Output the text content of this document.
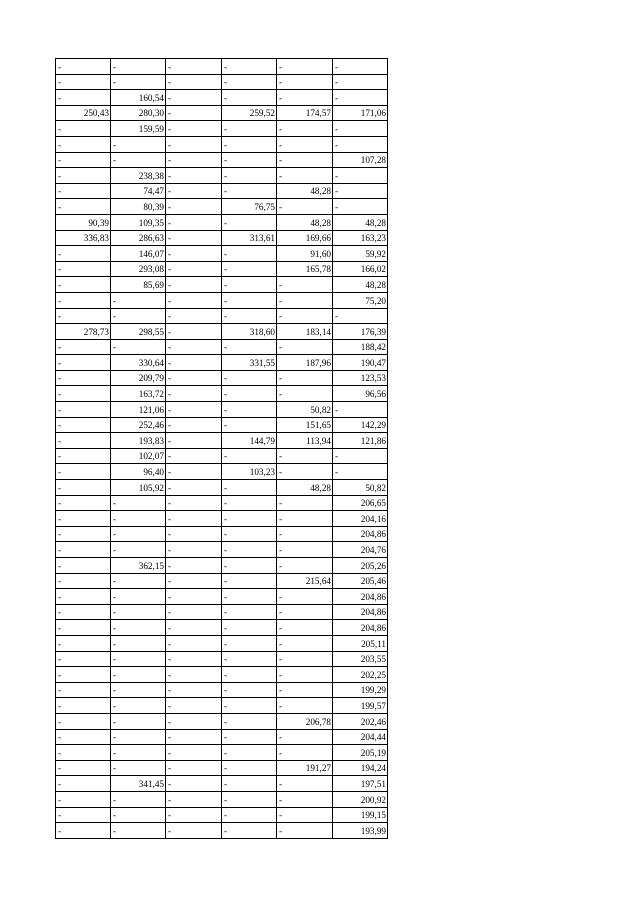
-	-	-	-	-	-
-	-	-	-	-	-
-	160,54	-	-	-	-
250,43	280,30	-	259,52	174,57	171,06
-	159,59	-	-	-	-
-	-	-	-	-	-
-	-	-	-	-	107,28
-	238,38	-	-	-	-
-	74,47	-	-	48,28	-
-	80,39	-	76,75	-	-
90,39	109,35	-	-	48,28	48,28
336,83	286,63	-	313,61	169,66	163,23
-	146,07	-	-	91,60	59,92
-	293,08	-	-	165,78	166,02
-	85,69	-	-	-	48,28
-	-	-	-	-	75,20
-	-	-	-	-	-
278,73	298,55	-	318,60	183,14	176,39
-	-	-	-	-	188,42
-	330,64	-	331,55	187,96	190,47
-	209,79	-	-	-	123,53
-	163,72	-	-	-	96,56
-	121,06	-	-	50,82	-
-	252,46	-	-	151,65	142,29
-	193,83	-	144,79	113,94	121,86
-	102,07	-	-	-	-
-	96,40	-	103,23	-	-
-	105,92	-	-	48,28	50,82
-	-	-	-	-	206,65
-	-	-	-	-	204,16
-	-	-	-	-	204,86
-	-	-	-	-	204,76
-	362,15	-	-	-	205,26
-	-	-	-	215,64	205,46
-	-	-	-	-	204,86
-	-	-	-	-	204,86
-	-	-	-	-	204,86
-	-	-	-	-	205,11
-	-	-	-	-	203,55
-	-	-	-	-	202,25
-	-	-	-	-	199,29
-	-	-	-	-	199,57
-	-	-	-	206,78	202,46
-	-	-	-	-	204,44
-	-	-	-	-	205,19
-	-	-	-	191,27	194,24
-	341,45	-	-	-	197,51
-	-	-	-	-	200,92
-	-	-	-	-	199,15
-	-	-	-	-	193,99
